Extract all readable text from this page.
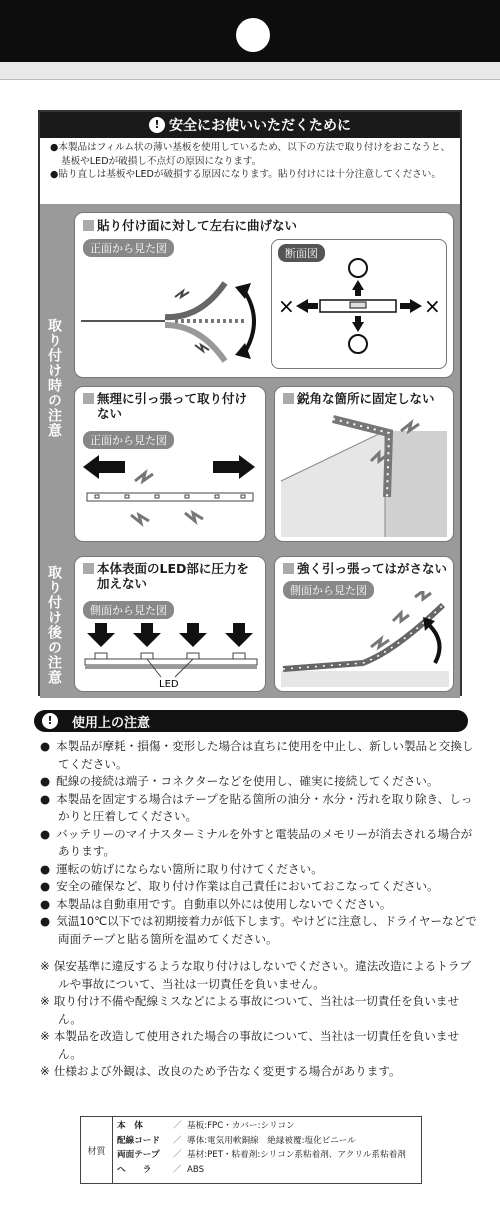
! 安全にお使いいただくために

●本製品はフィルム状の薄い基板を使用しているため、以下の方法で取り付けをおこなうと、基板やLEDが破損し不点灯の原因になります。

●貼り直しは基板やLEDが破損する原因になります。貼り付けには十分注意してください。

取り付け時の注意
貼り付け面に対して左右に曲げない
正面から見た図	断面図
×	×
無理に引っ張って取り付けない
正面から見た図
鋭角な箇所に固定しない
取り付け後の注意	本体表面のLED部に圧力を加えない
側面から見た図
LED
強く引っ張ってはがさない
側面から見た図
!	使用上の注意
● 本製品が摩耗・損傷・変形した場合は直ちに使用を中止し、新しい製品と交換してください。
● 配線の接続は端子・コネクターなどを使用し、確実に接続してください。
● 本製品を固定する場合はテープを貼る箇所の油分・水分・汚れを取り除き、しっかりと圧着してください。
● バッテリーのマイナスターミナルを外すと電装品のメモリーが消去される場合があります。
● 運転の妨げにならない箇所に取り付けてください。
● 安全の確保など、取り付け作業は自己責任においておこなってください。
● 本製品は自動車用です。自動車以外には使用しないでください。
● 気温10℃以下では初期接着力が低下します。やけどに注意し、ドライヤーなどで両面テープと貼る箇所を温めてください。
※ 保安基準に違反するような取り付けはしないでください。違法改造によるトラブルや事故について、当社は一切責任を負いません。
※ 取り付け不備や配線ミスなどによる事故について、当社は一切責任を負いません。
※ 本製品を改造して使用された場合の事故について、当社は一切責任を負いません。
※ 仕様および外観は、改良のため予告なく変更する場合があります。
材質
本　体	／ 基板:FPC・カバー:シリコン
配線コード	／ 導体:電気用軟銅線　絶縁被覆:塩化ビニール
両面テープ	／ 基材:PET・粘着剤:シリコン系粘着剤、アクリル系粘着剤
へ　　ラ	／ ABS
